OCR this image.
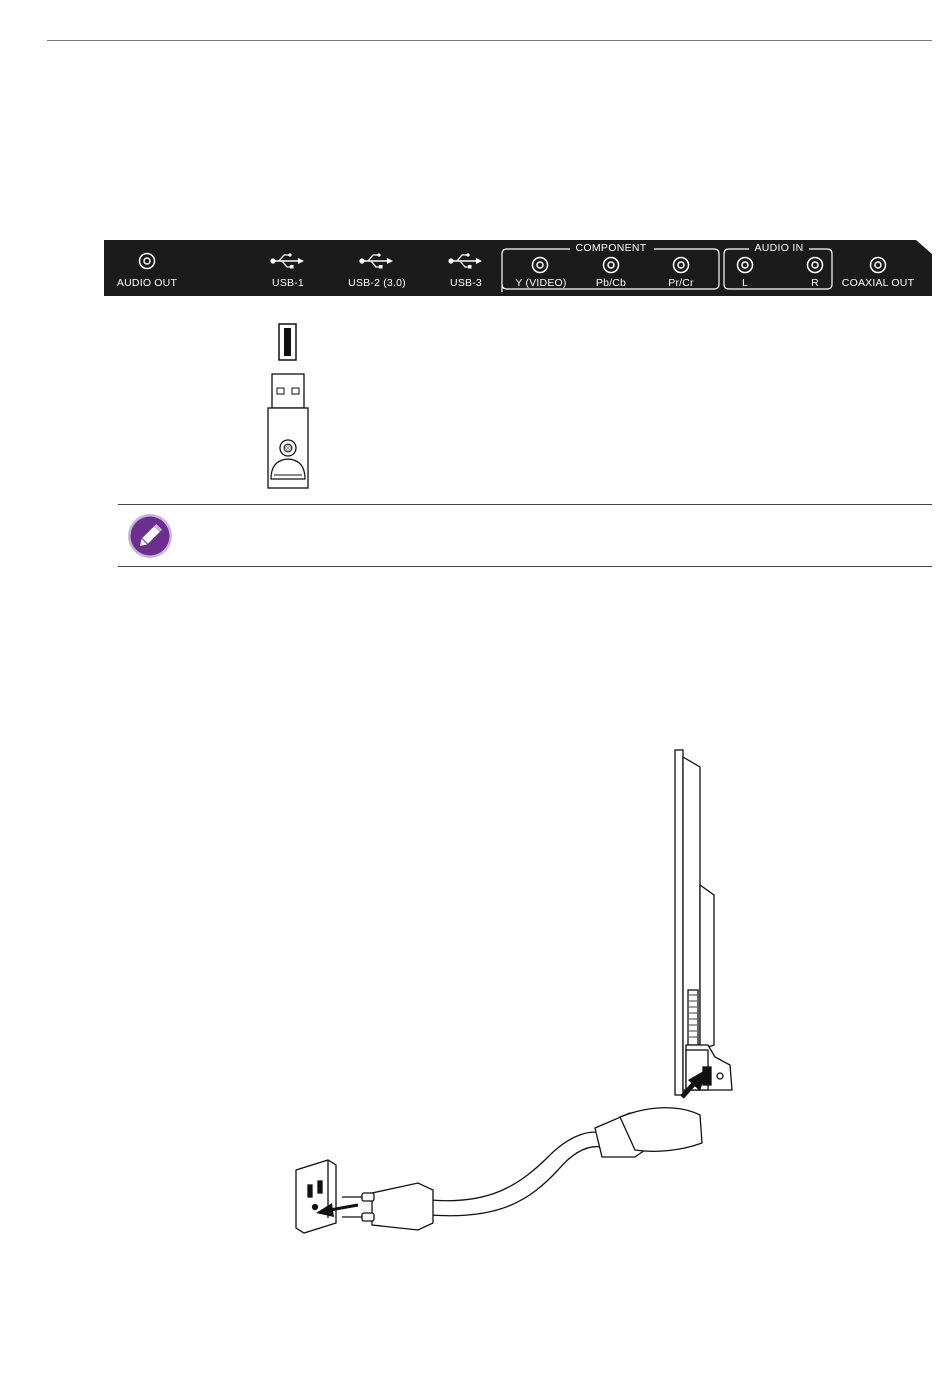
AUDIO OUT	USB-1	USB-2 (3.0)	USB-3	Y (VIDEO)	Pb/Cb	Pr/Cr	L	R COAXIAL OUT
COMPONENT	AUDIO IN
